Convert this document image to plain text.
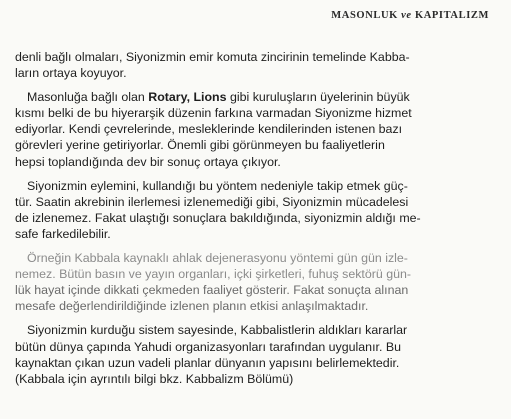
MASONLUK ve KAPITALIZM

denli bağlı olmaları, Siyonizmin emir komuta zincirinin temelinde Kabba-
ların ortaya koyuyor.

Masonluğa bağlı olan Rotary, Lions gibi kuruluşların üyelerinin büyük
kısmı belki de bu hiyerarşik düzenin farkına varmadan Siyonizme hizmet
ediyorlar. Kendi çevrelerinde, mesleklerinde kendilerinden istenen bazı
görevleri yerine getiriyorlar. Önemli gibi görünmeyen bu faaliyetlerin
hepsi toplandığında dev bir sonuç ortaya çıkıyor.

Siyonizmin eylemini, kullandığı bu yöntem nedeniyle takip etmek güç-
tür. Saatin akrebinin ilerlemesi izlenemediği gibi, Siyonizmin mücadelesi
de izlenemez. Fakat ulaştığı sonuçlara bakıldığında, siyonizmin aldığı me-
safe farkedilebilir.

Örneğin Kabbala kaynaklı ahlak dejenerasyonu yöntemi gün gün izle-
nemez. Bütün basın ve yayın organları, içki şirketleri, fuhuş sektörü gün-
lük hayat içinde dikkati çekmeden faaliyet gösterir. Fakat sonuçta alınan
mesafe değerlendirildiğinde izlenen planın etkisi anlaşılmaktadır.

Siyonizmin kurduğu sistem sayesinde, Kabbalistlerin aldıkları kararlar
bütün dünya çapında Yahudi organizasyonları tarafından uygulanır. Bu
kaynaktan çıkan uzun vadeli planlar dünyanın yapısını belirlemektedir.
(Kabbala için ayrıntılı bilgi bkz. Kabbalizm Bölümü)
